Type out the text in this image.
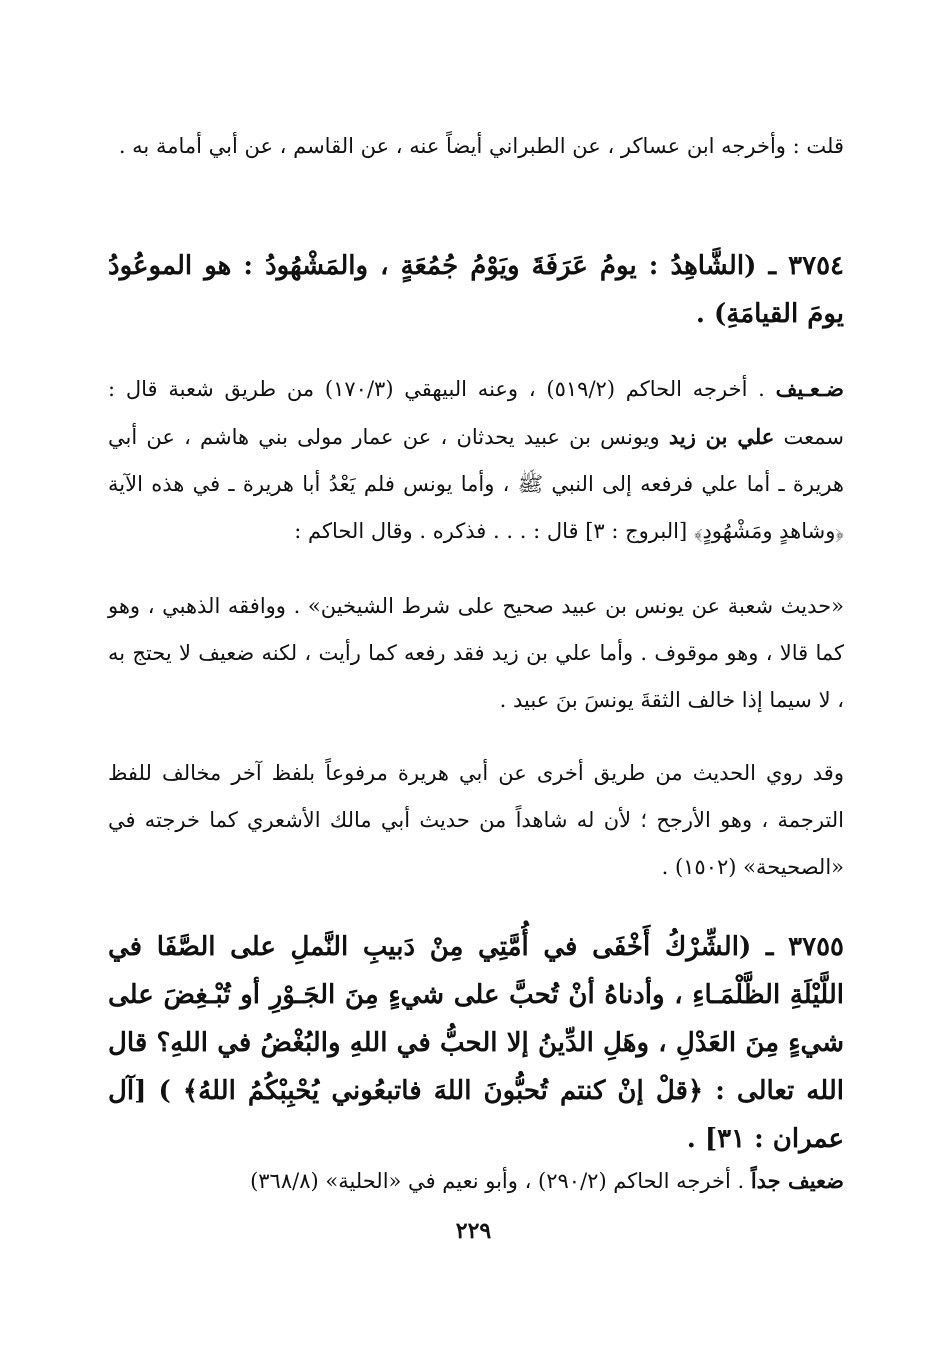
قلت : وأخرجه ابن عساكر ، عن الطبراني أيضاً عنه ، عن القاسم ، عن أبي أمامة به .

٣٧٥٤ ـ (الشَّاهِدُ : يومُ عَرَفَةَ ويَوْمُ جُمُعَةٍ ، والمَشْهُودُ : هو الموعُودُ يومَ القيامَةِ) .

ضـعـيف . أخرجه الحاكم (٥١٩/٢) ، وعنه البيهقي (١٧٠/٣) من طريق شعبة قال : سمعت علي بن زيد ويونس بن عبيد يحدثان ، عن عمار مولى بني هاشم ، عن أبي هريرة ـ أما علي فرفعه إلى النبي ﷺ ، وأما يونس فلم يَعْدُ أبا هريرة ـ في هذه الآية ﴿وشاهدٍ ومَشْهُودٍ﴾ [البروج : ٣] قال : . . . فذكره . وقال الحاكم :

«حديث شعبة عن يونس بن عبيد صحيح على شرط الشيخين» . ووافقه الذهبي ، وهو كما قالا ، وهو موقوف . وأما علي بن زيد فقد رفعه كما رأيت ، لكنه ضعيف لا يحتج به ، لا سيما إذا خالف الثقةَ يونسَ بنَ عبيد .

وقد روي الحديث من طريق أخرى عن أبي هريرة مرفوعاً بلفظ آخر مخالف للفظ الترجمة ، وهو الأرجح ؛ لأن له شاهداً من حديث أبي مالك الأشعري كما خرجته في «الصحيحة» (١٥٠٢) .

٣٧٥٥ ـ (الشِّرْكُ أَخْفَى في أُمَّتِي مِنْ دَبيبِ النَّملِ على الصَّفَا في اللَّيْلَةِ الظَّلْمَـاءِ ، وأدناهُ أنْ تُحبَّ على شيءٍ مِنَ الجَـوْرِ أو تُبْـغِضَ على شيءٍ مِنَ العَدْلِ ، وهَلِ الدِّينُ إلا الحبُّ في اللهِ والبُغْضُ في اللهِ؟ قال الله تعالى : ﴿قلْ إنْ كنتم تُحبُّونَ اللهَ فاتبعُوني يُحْبِبْكُمُ اللهُ﴾ ) [آل عمران : ٣١] .

ضعيف جداً . أخرجه الحاكم (٢٩٠/٢) ، وأبو نعيم في «الحلية» (٣٦٨/٨)

٢٢٩
